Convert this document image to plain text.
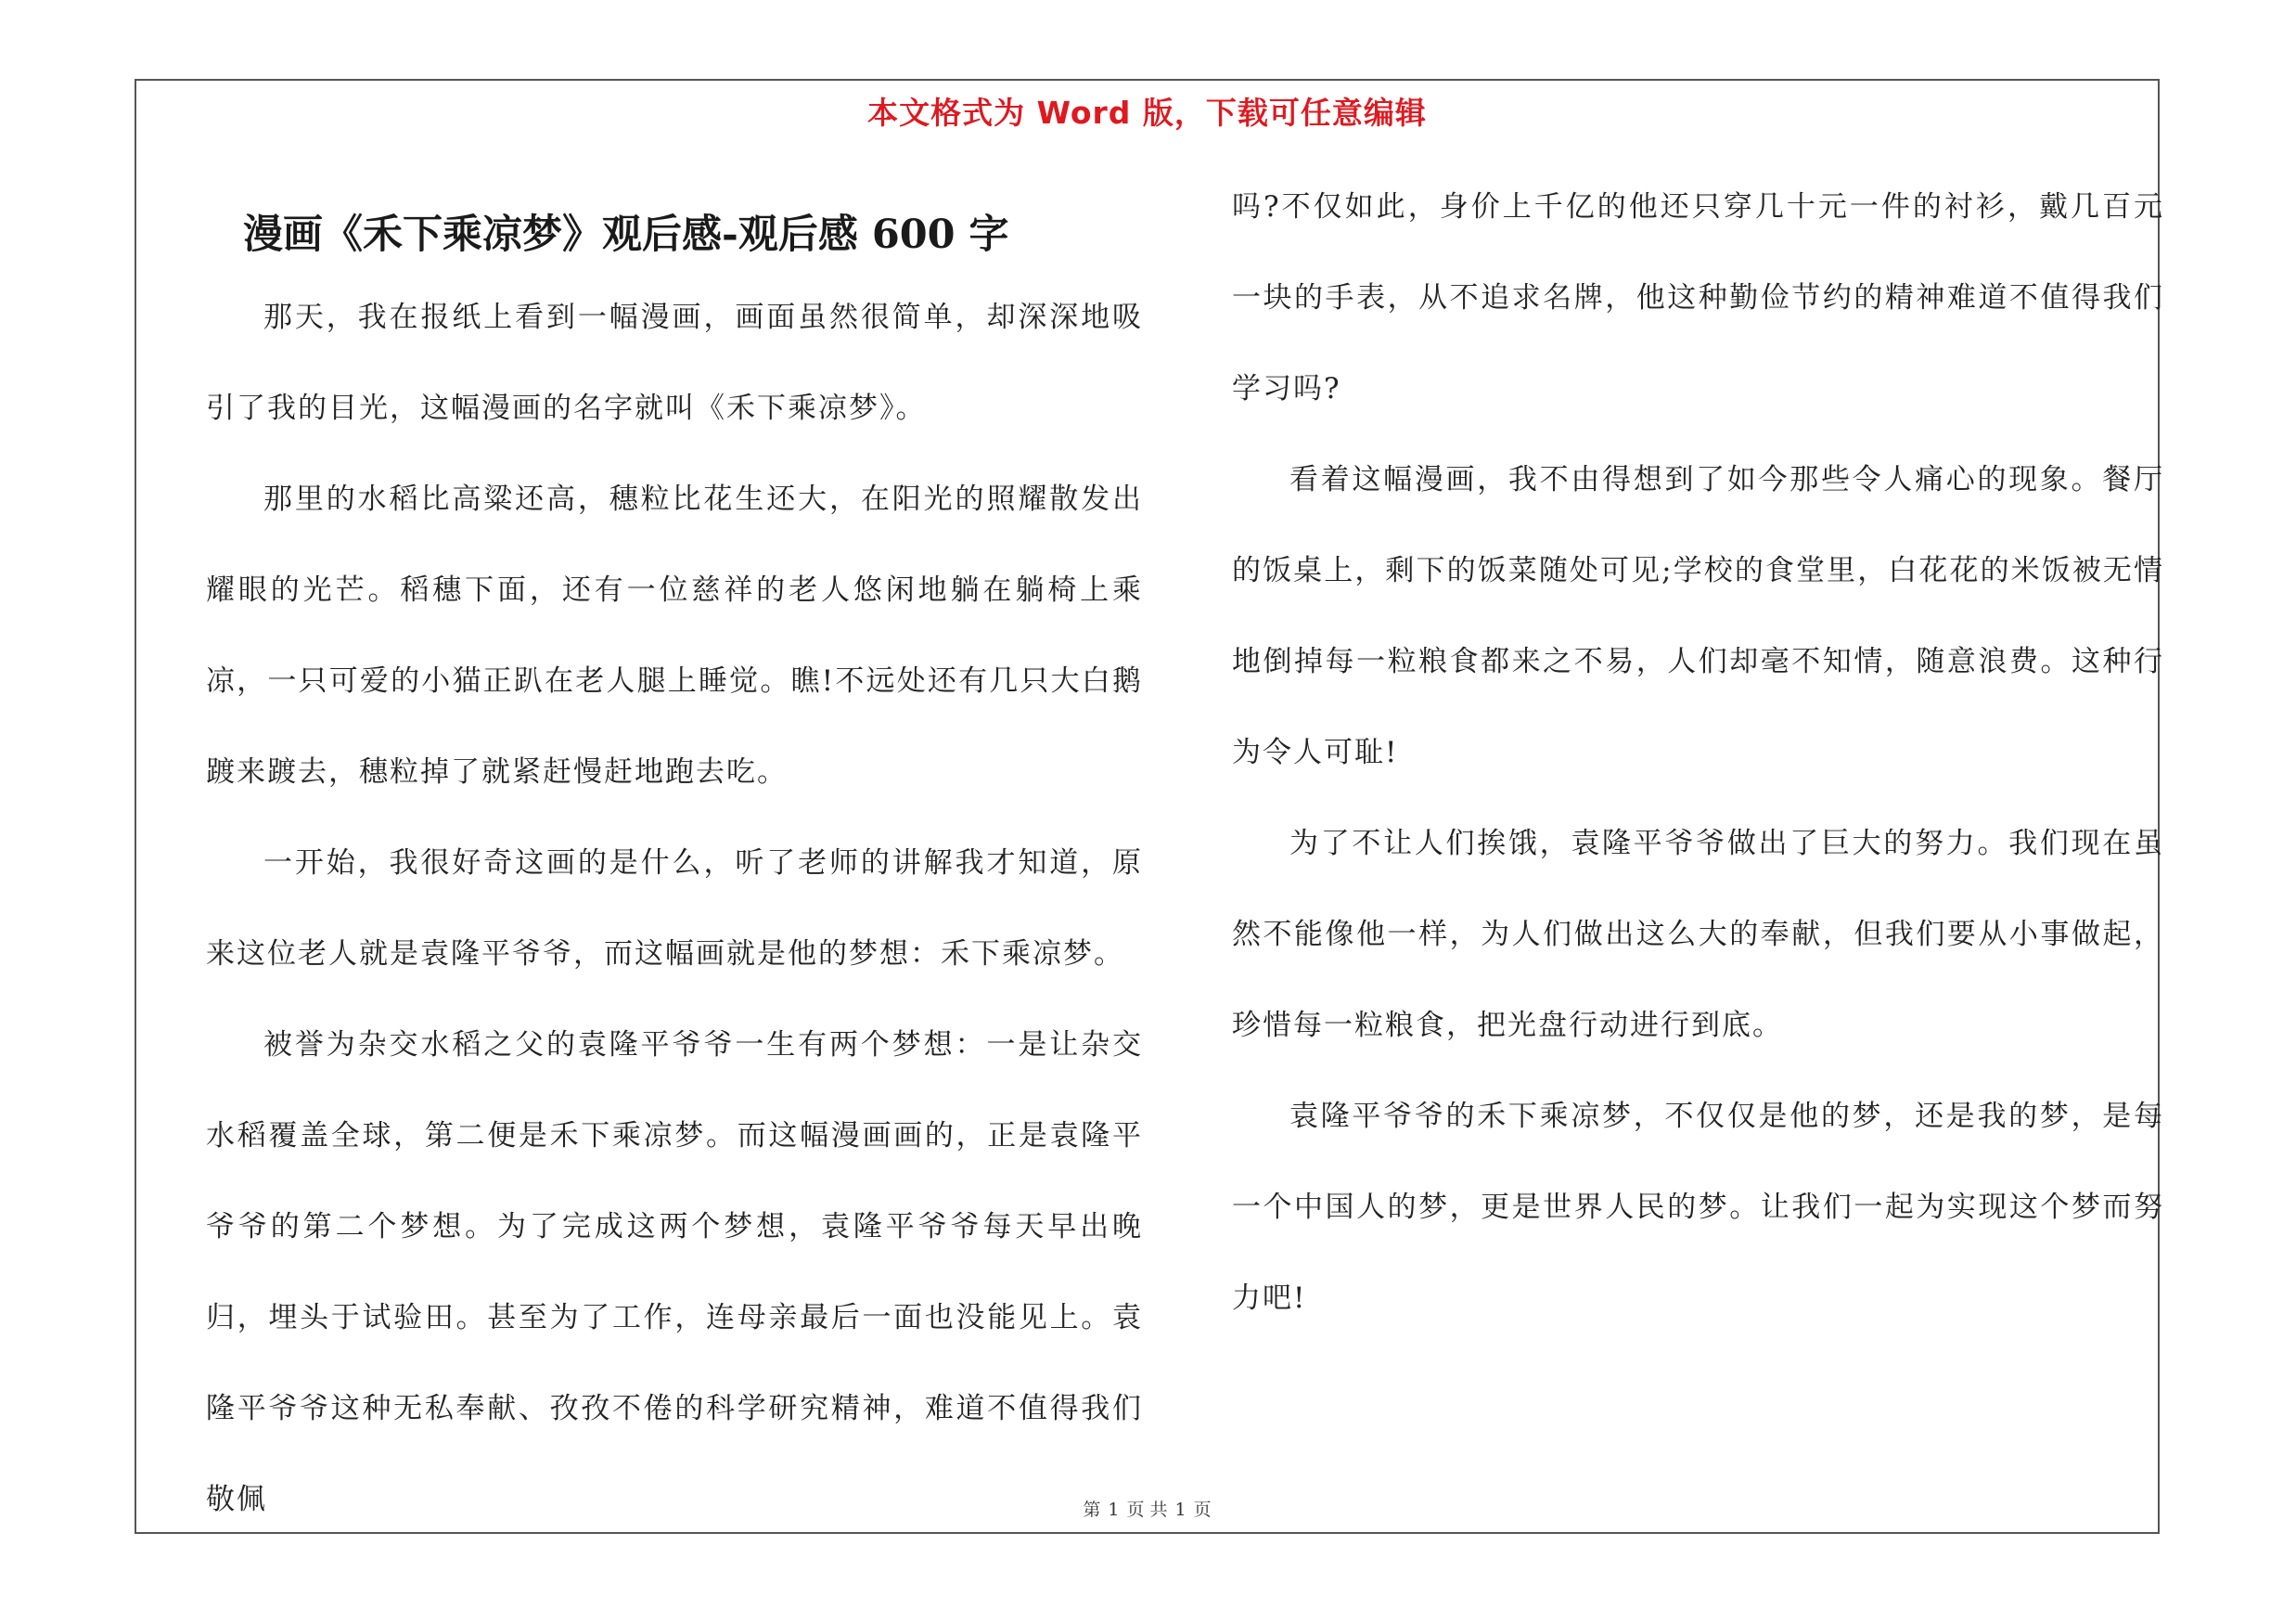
本文格式为 Word 版，下载可任意编辑
漫画《禾下乘凉梦》观后感-观后感 600 字

那天，我在报纸上看到一幅漫画，画面虽然很简单，却深深地吸引了我的目光，这幅漫画的名字就叫《禾下乘凉梦》。

那里的水稻比高粱还高，穗粒比花生还大，在阳光的照耀散发出耀眼的光芒。稻穗下面，还有一位慈祥的老人悠闲地躺在躺椅上乘凉，一只可爱的小猫正趴在老人腿上睡觉。瞧!不远处还有几只大白鹅踱来踱去，穗粒掉了就紧赶慢赶地跑去吃。

一开始，我很好奇这画的是什么，听了老师的讲解我才知道，原来这位老人就是袁隆平爷爷，而这幅画就是他的梦想：禾下乘凉梦。

被誉为杂交水稻之父的袁隆平爷爷一生有两个梦想：一是让杂交水稻覆盖全球，第二便是禾下乘凉梦。而这幅漫画画的，正是袁隆平爷爷的第二个梦想。为了完成这两个梦想，袁隆平爷爷每天早出晚归，埋头于试验田。甚至为了工作，连母亲最后一面也没能见上。袁隆平爷爷这种无私奉献、孜孜不倦的科学研究精神，难道不值得我们敬佩

吗?不仅如此，身价上千亿的他还只穿几十元一件的衬衫，戴几百元一块的手表，从不追求名牌，他这种勤俭节约的精神难道不值得我们学习吗?

看着这幅漫画，我不由得想到了如今那些令人痛心的现象。餐厅的饭桌上，剩下的饭菜随处可见;学校的食堂里，白花花的米饭被无情地倒掉每一粒粮食都来之不易，人们却毫不知情，随意浪费。这种行为令人可耻!

为了不让人们挨饿，袁隆平爷爷做出了巨大的努力。我们现在虽然不能像他一样，为人们做出这么大的奉献，但我们要从小事做起，珍惜每一粒粮食，把光盘行动进行到底。

袁隆平爷爷的禾下乘凉梦，不仅仅是他的梦，还是我的梦，是每一个中国人的梦，更是世界人民的梦。让我们一起为实现这个梦而努力吧!

第 1 页 共 1 页
